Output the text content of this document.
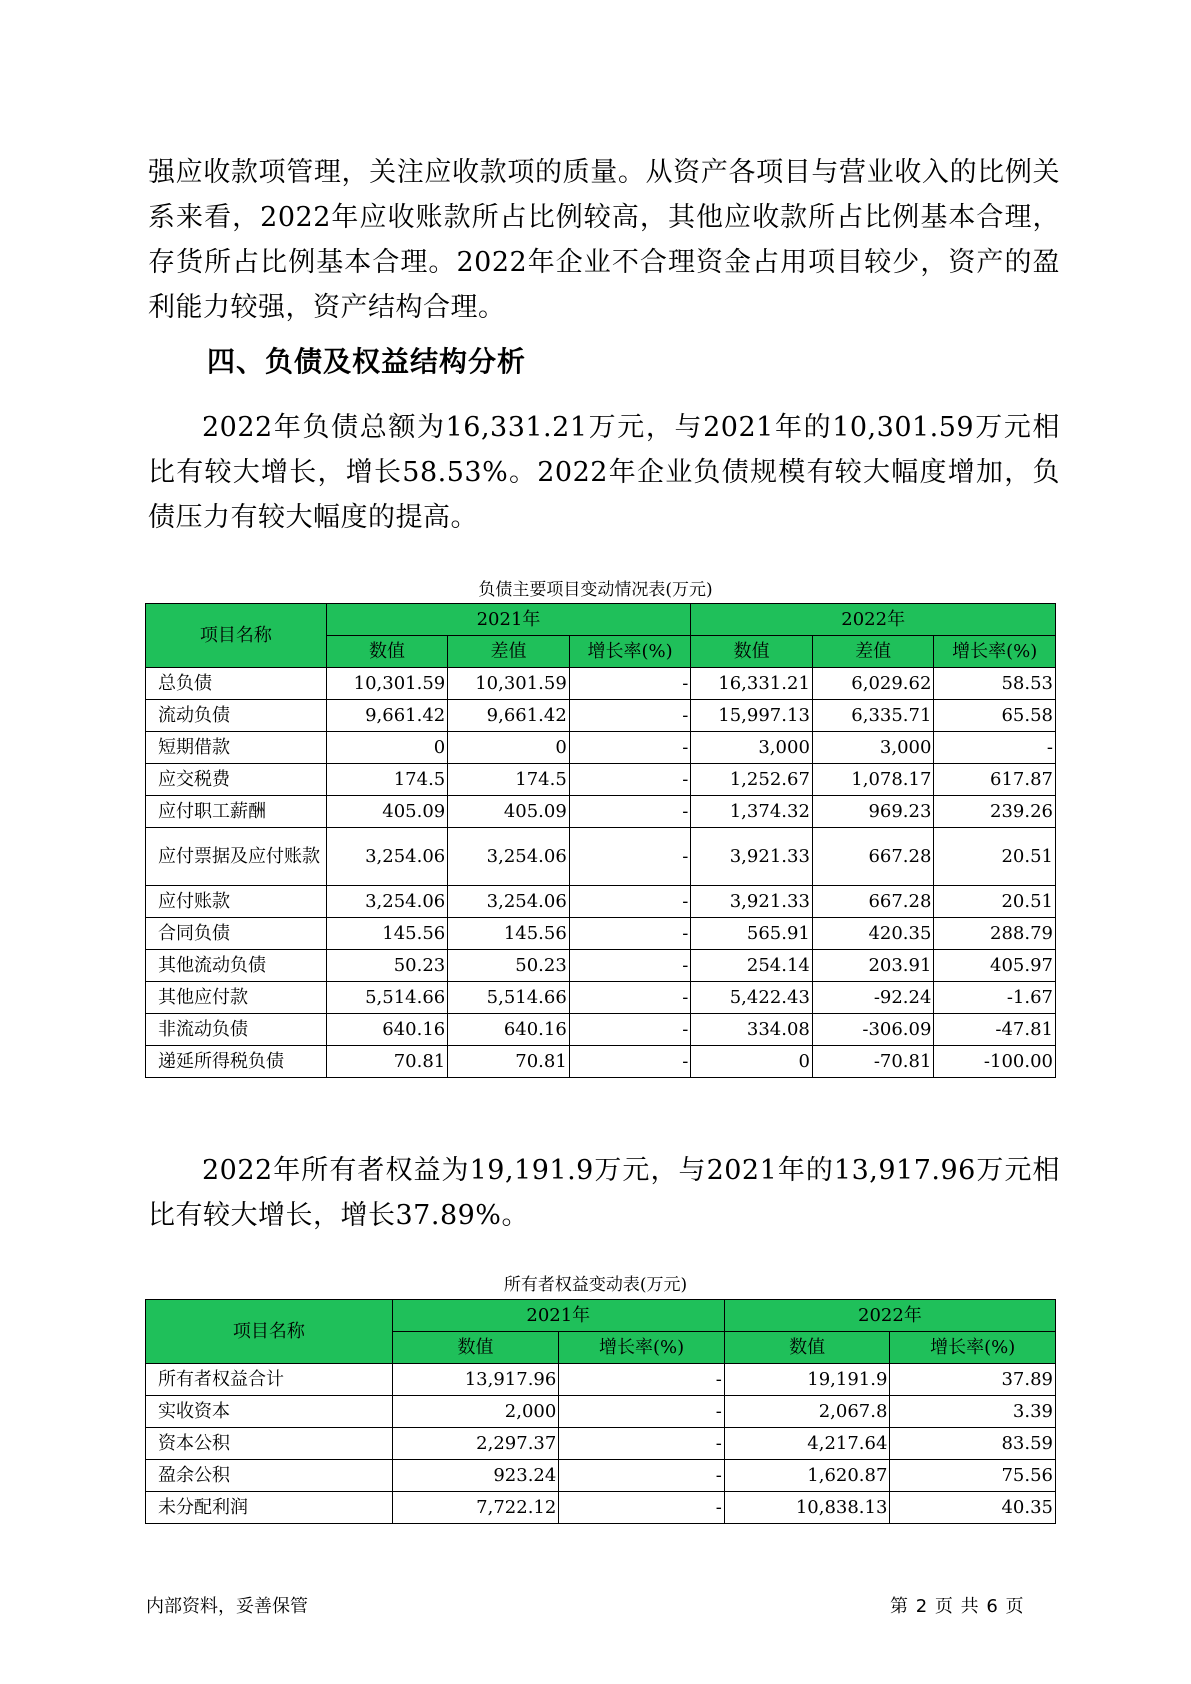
强应收款项管理，关注应收款项的质量。从资产各项目与营业收入的比例关系来看，2022年应收账款所占比例较高，其他应收款所占比例基本合理，存货所占比例基本合理。2022年企业不合理资金占用项目较少，资产的盈利能力较强，资产结构合理。

四、负债及权益结构分析

2022年负债总额为16,331.21万元，与2021年的10,301.59万元相比有较大增长，增长58.53%。2022年企业负债规模有较大幅度增加，负债压力有较大幅度的提高。

负债主要项目变动情况表(万元)

项目名称	2021年			2022年		
	数值	差值	增长率(%)	数值	差值	增长率(%)
总负债	10,301.59	10,301.59	-	16,331.21	6,029.62	58.53
流动负债	9,661.42	9,661.42	-	15,997.13	6,335.71	65.58
短期借款	0	0	-	3,000	3,000	-
应交税费	174.5	174.5	-	1,252.67	1,078.17	617.87
应付职工薪酬	405.09	405.09	-	1,374.32	969.23	239.26
应付票据及应付账款	3,254.06	3,254.06	-	3,921.33	667.28	20.51
应付账款	3,254.06	3,254.06	-	3,921.33	667.28	20.51
合同负债	145.56	145.56	-	565.91	420.35	288.79
其他流动负债	50.23	50.23	-	254.14	203.91	405.97
其他应付款	5,514.66	5,514.66	-	5,422.43	-92.24	-1.67
非流动负债	640.16	640.16	-	334.08	-306.09	-47.81
递延所得税负债	70.81	70.81	-	0	-70.81	-100.00

2022年所有者权益为19,191.9万元，与2021年的13,917.96万元相比有较大增长，增长37.89%。

所有者权益变动表(万元)

项目名称	2021年		2022年	
	数值	增长率(%)	数值	增长率(%)
所有者权益合计	13,917.96	-	19,191.9	37.89
实收资本	2,000	-	2,067.8	3.39
资本公积	2,297.37	-	4,217.64	83.59
盈余公积	923.24	-	1,620.87	75.56
未分配利润	7,722.12	-	10,838.13	40.35

内部资料，妥善保管	第 2 页 共 6 页
